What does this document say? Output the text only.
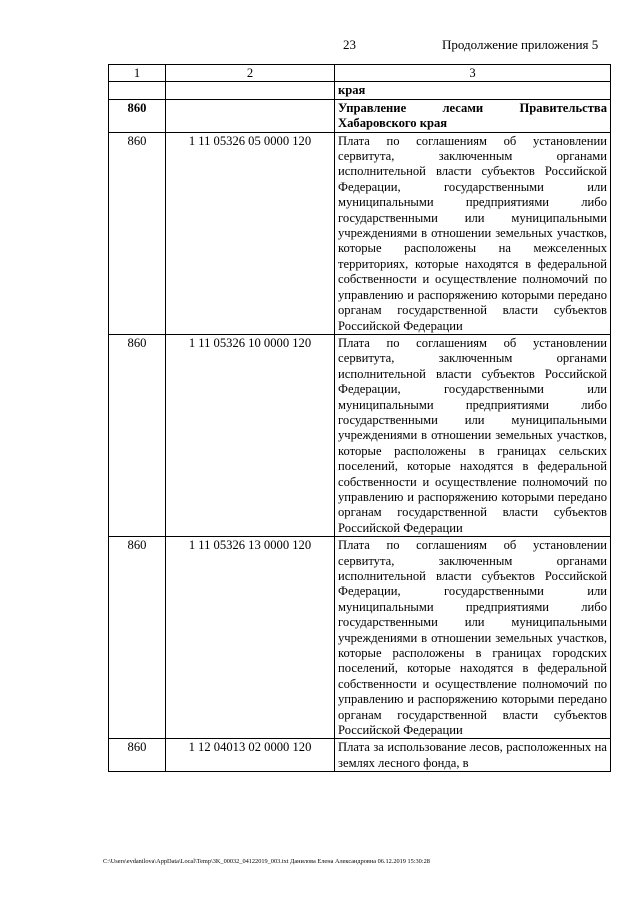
23	Продолжение приложения 5
1	2	3
		края
860		Управление лесами Правительства Хабаровского края
860	1 11 05326 05 0000 120	Плата по соглашениям об установлении сервитута, заключенным органами исполнительной власти субъектов Российской Федерации, государственными или муниципальными предприятиями либо государственными или муниципальными учреждениями в отношении земельных участков, которые расположены на межселенных территориях, которые находятся в федеральной собственности и осуществление полномочий по управлению и распоряжению которыми передано органам государственной власти субъектов Российской Федерации
860	1 11 05326 10 0000 120	Плата по соглашениям об установлении сервитута, заключенным органами исполнительной власти субъектов Российской Федерации, государственными или муниципальными предприятиями либо государственными или муниципальными учреждениями в отношении земельных участков, которые расположены в границах сельских поселений, которые находятся в федеральной собственности и осуществление полномочий по управлению и распоряжению которыми передано органам государственной власти субъектов Российской Федерации
860	1 11 05326 13 0000 120	Плата по соглашениям об установлении сервитута, заключенным органами исполнительной власти субъектов Российской Федерации, государственными или муниципальными предприятиями либо государственными или муниципальными учреждениями в отношении земельных участков, которые расположены в границах городских поселений, которые находятся в федеральной собственности и осуществление полномочий по управлению и распоряжению которыми передано органам государственной власти субъектов Российской Федерации
860	1 12 04013 02 0000 120	Плата за использование лесов, расположенных на землях лесного фонда, в
C:\Users\evdanilova\AppData\Local\Temp\3K_00032_04122019_003.txt Данилова Елена Александровна 06.12.2019 15:30:28
